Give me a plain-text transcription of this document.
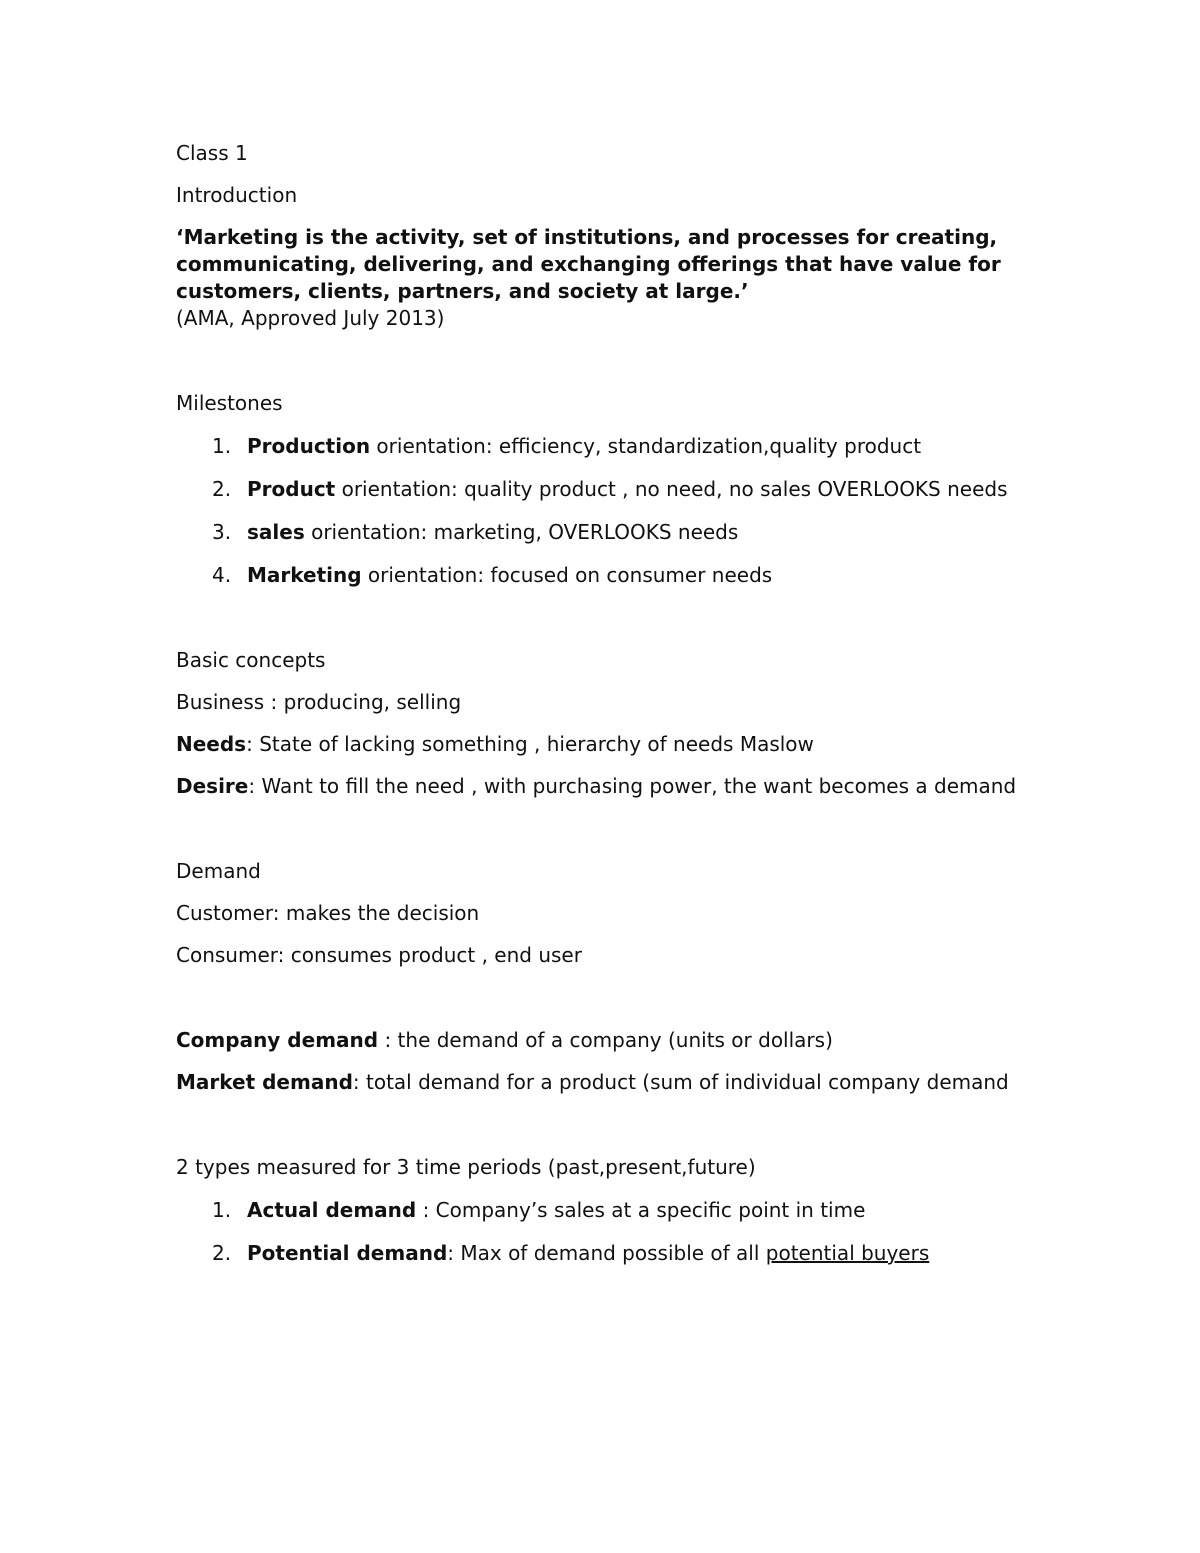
Class 1

Introduction

‘Marketing is the activity, set of institutions, and processes for creating, communicating, delivering, and exchanging offerings that have value for customers, clients, partners, and society at large.’

(AMA, Approved July 2013)

Milestones

1. Production orientation: efficiency, standardization,quality product
2. Product orientation: quality product , no need, no sales OVERLOOKS needs
3. sales orientation: marketing, OVERLOOKS needs
4. Marketing orientation: focused on consumer needs

Basic concepts

Business : producing, selling

Needs: State of lacking something , hierarchy of needs Maslow

Desire: Want to fill the need , with purchasing power, the want becomes a demand

Demand

Customer: makes the decision

Consumer: consumes product , end user

Company demand : the demand of a company (units or dollars)

Market demand: total demand for a product (sum of individual company demand

2 types measured for 3 time periods (past,present,future)

1. Actual demand : Company’s sales at a specific point in time
2. Potential demand: Max of demand possible of all potential buyers
